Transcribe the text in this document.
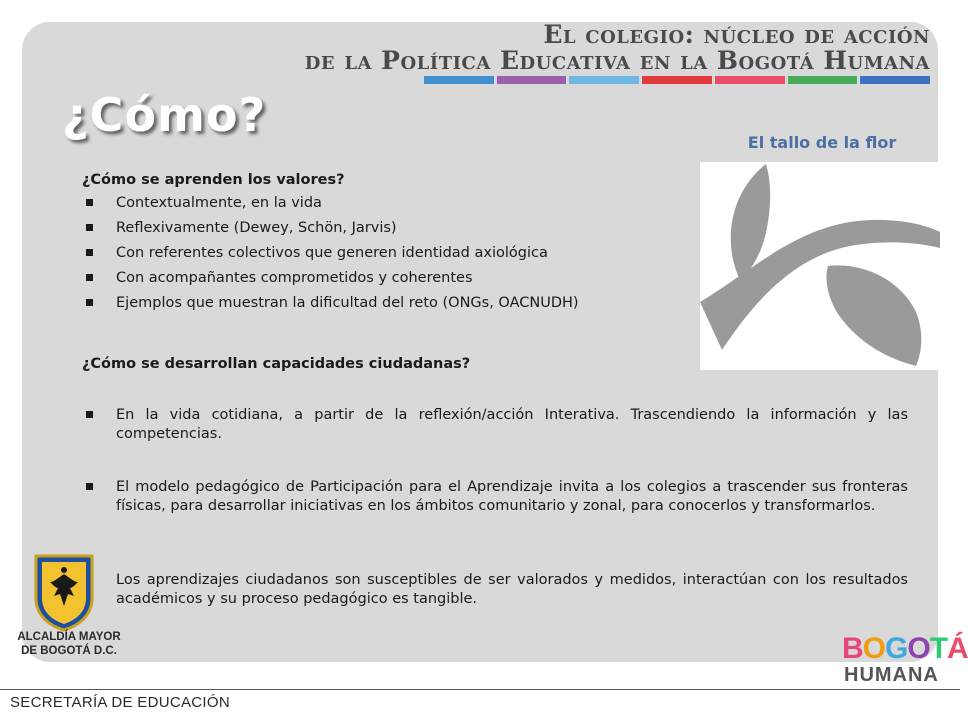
El colegio: núcleo de acción
de la Política Educativa en la Bogotá Humana
¿Cómo?
El tallo de la flor
¿Cómo se aprenden los valores?
Contextualmente, en la vida
Reflexivamente (Dewey, Schön, Jarvis)
Con referentes colectivos que generen identidad axiológica
Con acompañantes comprometidos y coherentes
Ejemplos que muestran la dificultad del reto (ONGs, OACNUDH)
¿Cómo se desarrollan capacidades ciudadanas?
En la vida cotidiana, a partir de la reflexión/acción Interativa. Trascendiendo la información y las competencias.
El modelo pedagógico de Participación para el Aprendizaje invita a los colegios a trascender sus fronteras físicas, para desarrollar iniciativas en los ámbitos comunitario y zonal, para conocerlos y transformarlos.
Los aprendizajes ciudadanos son susceptibles de ser valorados y medidos, interactúan con los resultados académicos y su proceso pedagógico es tangible.
ALCALDÍA MAYOR
DE BOGOTÁ D.C.
SECRETARÍA DE EDUCACIÓN
BOGOTÁ
HUMANA
